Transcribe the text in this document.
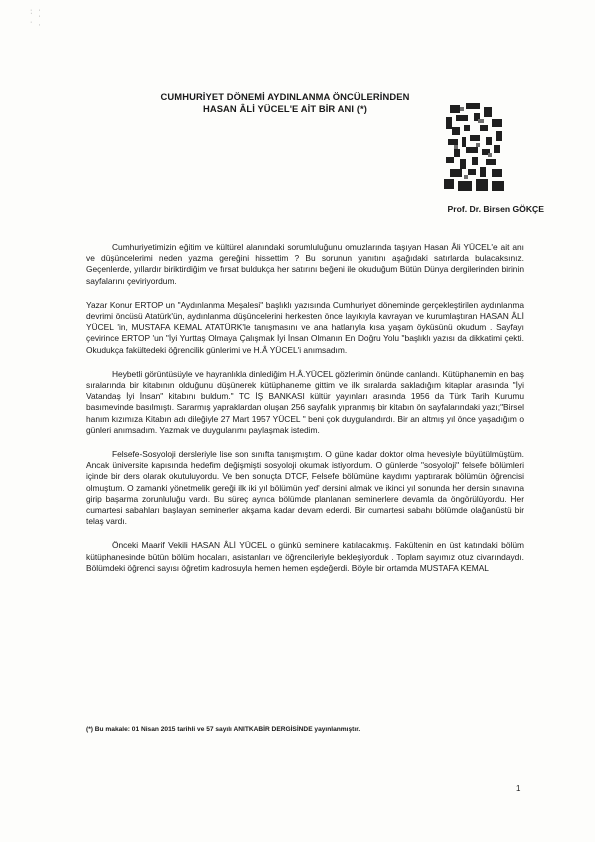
· ·
ˈ ·
· ˌ
CUMHURİYET DÖNEMİ AYDINLANMA ÖNCÜLERİNDEN
HASAN ÂLİ YÜCEL'E AİT BİR ANI (*)
Prof. Dr. Birsen GÖKÇE

Cumhuriyetimizin eğitim ve kültürel alanındaki sorumluluğunu omuzlarında taşıyan Hasan Âli YÜCEL'e ait anı ve düşüncelerimi neden yazma gereğini hissettim ? Bu sorunun yanıtını aşağıdaki satırlarda bulacaksınız. Geçenlerde, yıllardır biriktirdiğim ve fırsat buldukça her satırını beğeni ile okuduğum Bütün Dünya dergilerinden birinin sayfalarını çeviriyordum.

Yazar Konur ERTOP un "Aydınlanma Meşalesi" başlıklı yazısında Cumhuriyet döneminde gerçekleştirilen aydınlanma devrimi öncüsü Atatürk'ün, aydınlanma düşüncelerini herkesten önce layıkıyla kavrayan ve kurumlaştıran HASAN ÂLİ YÜCEL 'in, MUSTAFA KEMAL ATATÜRK'le tanışmasını ve ana hatlarıyla kısa yaşam öyküsünü okudum . Sayfayı çevirince ERTOP 'un "İyi Yurttaş Olmaya Çalışmak İyi İnsan Olmanın En Doğru Yolu "başlıklı yazısı da dikkatimi çekti. Okudukça fakültedeki öğrencilik günlerimi ve H.Â YÜCEL'i anımsadım.

Heybetli görüntüsüyle ve hayranlıkla dinlediğim H.Â.YÜCEL gözlerimin önünde canlandı. Kütüphanemin en baş sıralarında bir kitabının olduğunu düşünerek kütüphaneme gittim ve ilk sıralarda sakladığım kitaplar arasında "İyi Vatandaş İyi İnsan" kitabını buldum." TC İŞ BANKASI kültür yayınları arasında 1956 da Türk Tarih Kurumu basımevinde basılmıştı. Sararmış yapraklardan oluşan 256 sayfalık yıpranmış bir kitabın ön sayfalarındaki yazı;"Birsel hanım kızımıza Kitabın adı dileğiyle 27 Mart 1957 YÜCEL " beni çok duygulandırdı. Bir an altmış yıl önce yaşadığım o günleri anımsadım. Yazmak ve duygularımı paylaşmak istedim.

Felsefe-Sosyoloji dersleriyle lise son sınıfta tanışmıştım. O güne kadar doktor olma hevesiyle büyütülmüştüm. Ancak üniversite kapısında hedefim değişmişti sosyoloji okumak istiyordum. O günlerde "sosyoloji" felsefe bölümleri içinde bir ders olarak okutuluyordu. Ve ben sonuçta DTCF, Felsefe bölümüne kaydımı yaptırarak bölümün öğrencisi olmuştum. O zamanki yönetmelik gereği ilk iki yıl bölümün yed' dersini almak ve ikinci yıl sonunda her dersin sınavına girip başarma zorunluluğu vardı. Bu süreç ayrıca bölümde planlanan seminerlere devamla da öngörülüyordu. Her cumartesi sabahları başlayan seminerler akşama kadar devam ederdi. Bir cumartesi sabahı bölümde olağanüstü bir telaş vardı.

Önceki Maarif Vekili HASAN ÂLİ YÜCEL o günkü seminere katılacakmış. Fakültenin en üst katındaki bölüm kütüphanesinde bütün bölüm hocaları, asistanları ve öğrencileriyle bekleşiyorduk . Toplam sayımız otuz civarındaydı. Bölümdeki öğrenci sayısı öğretim kadrosuyla hemen hemen eşdeğerdi. Böyle bir ortamda MUSTAFA KEMAL

(*) Bu makale: 01 Nisan 2015 tarihli ve 57 sayılı ANITKABİR DERGİSİNDE yayınlanmıştır.
1
